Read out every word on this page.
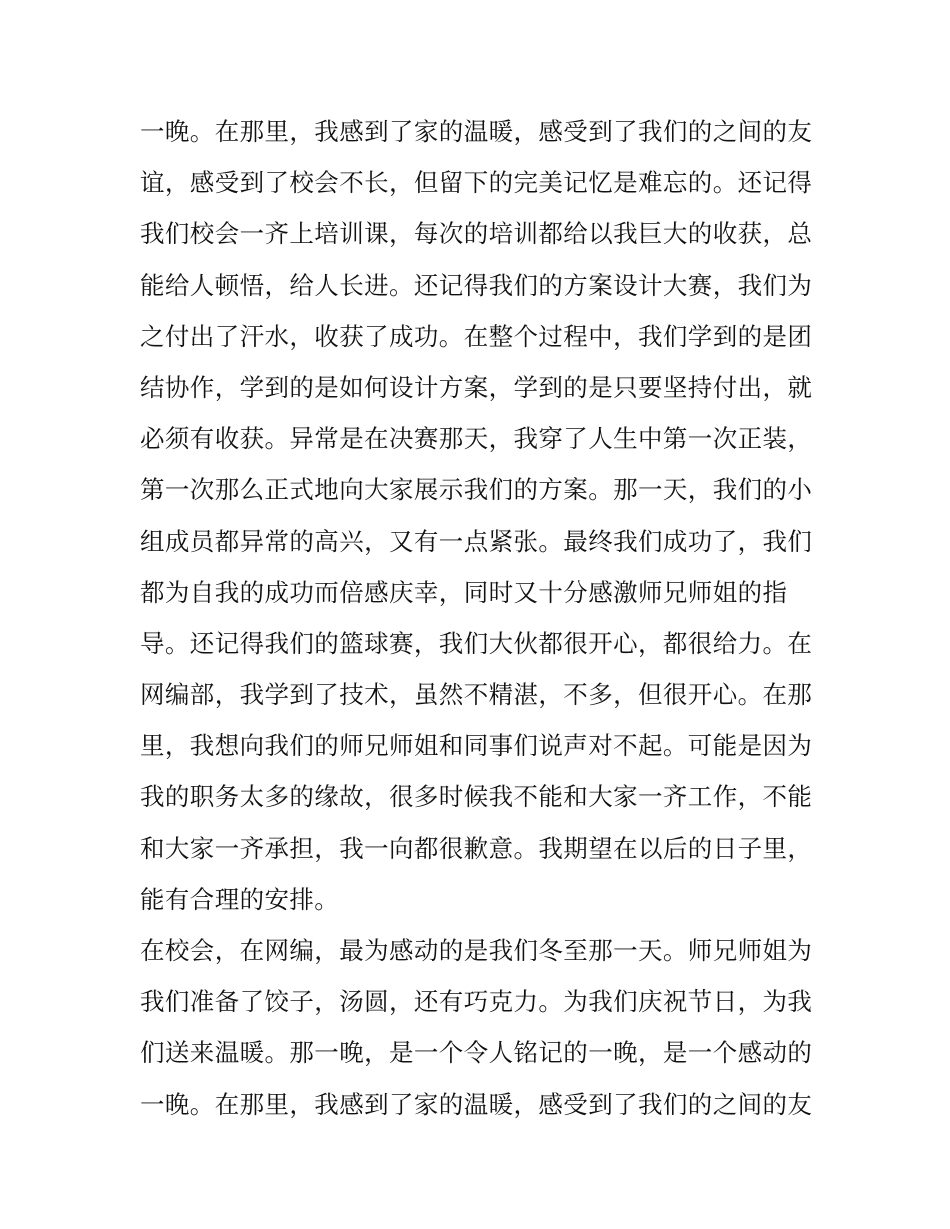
一晚。在那里，我感到了家的温暖，感受到了我们的之间的友
谊，感受到了校会不长，但留下的完美记忆是难忘的。还记得
我们校会一齐上培训课，每次的培训都给以我巨大的收获，总
能给人顿悟，给人长进。还记得我们的方案设计大赛，我们为
之付出了汗水，收获了成功。在整个过程中，我们学到的是团
结协作，学到的是如何设计方案，学到的是只要坚持付出，就
必须有收获。异常是在决赛那天，我穿了人生中第一次正装，
第一次那么正式地向大家展示我们的方案。那一天，我们的小
组成员都异常的高兴，又有一点紧张。最终我们成功了，我们
都为自我的成功而倍感庆幸，同时又十分感激师兄师姐的指
导。还记得我们的篮球赛，我们大伙都很开心，都很给力。在
网编部，我学到了技术，虽然不精湛，不多，但很开心。在那
里，我想向我们的师兄师姐和同事们说声对不起。可能是因为
我的职务太多的缘故，很多时候我不能和大家一齐工作，不能
和大家一齐承担，我一向都很歉意。我期望在以后的日子里，
能有合理的安排。
在校会，在网编，最为感动的是我们冬至那一天。师兄师姐为
我们准备了饺子，汤圆，还有巧克力。为我们庆祝节日，为我
们送来温暖。那一晚，是一个令人铭记的一晚，是一个感动的
一晚。在那里，我感到了家的温暖，感受到了我们的之间的友
